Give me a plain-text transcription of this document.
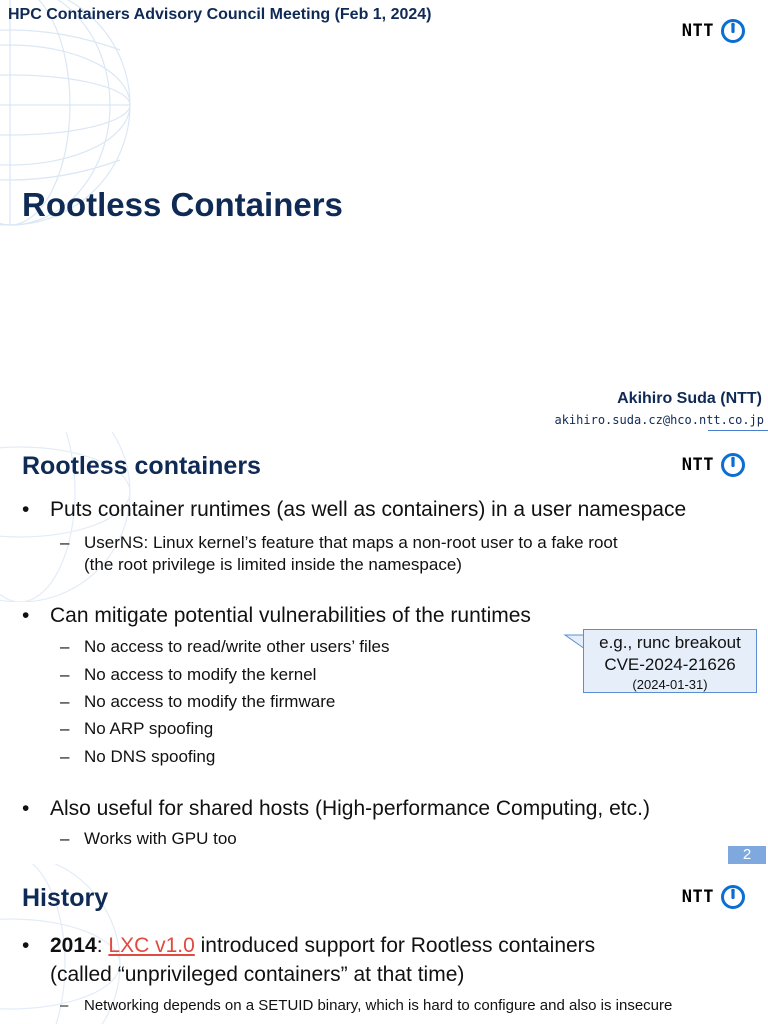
HPC Containers Advisory Council Meeting (Feb 1, 2024)
NTT
Rootless Containers
Akihiro Suda (NTT)
akihiro.suda.cz@hco.ntt.co.jp
Rootless containers	NTT
• Puts container runtimes (as well as containers) in a user namespace
– UserNS: Linux kernel’s feature that maps a non-root user to a fake root
(the root privilege is limited inside the namespace)
• Can mitigate potential vulnerabilities of the runtimes
– No access to read/write other users’ files
– No access to modify the kernel
– No access to modify the firmware
– No ARP spoofing
– No DNS spoofing
• Also useful for shared hosts (High-performance Computing, etc.)
– Works with GPU too
e.g., runc breakout
CVE-2024-21626
(2024-01-31)
2
History	NTT
• 2014: LXC v1.0 introduced support for Rootless containers
(called “unprivileged containers” at that time)
–	Networking depends on a SETUID binary, which is hard to configure and also is insecure
